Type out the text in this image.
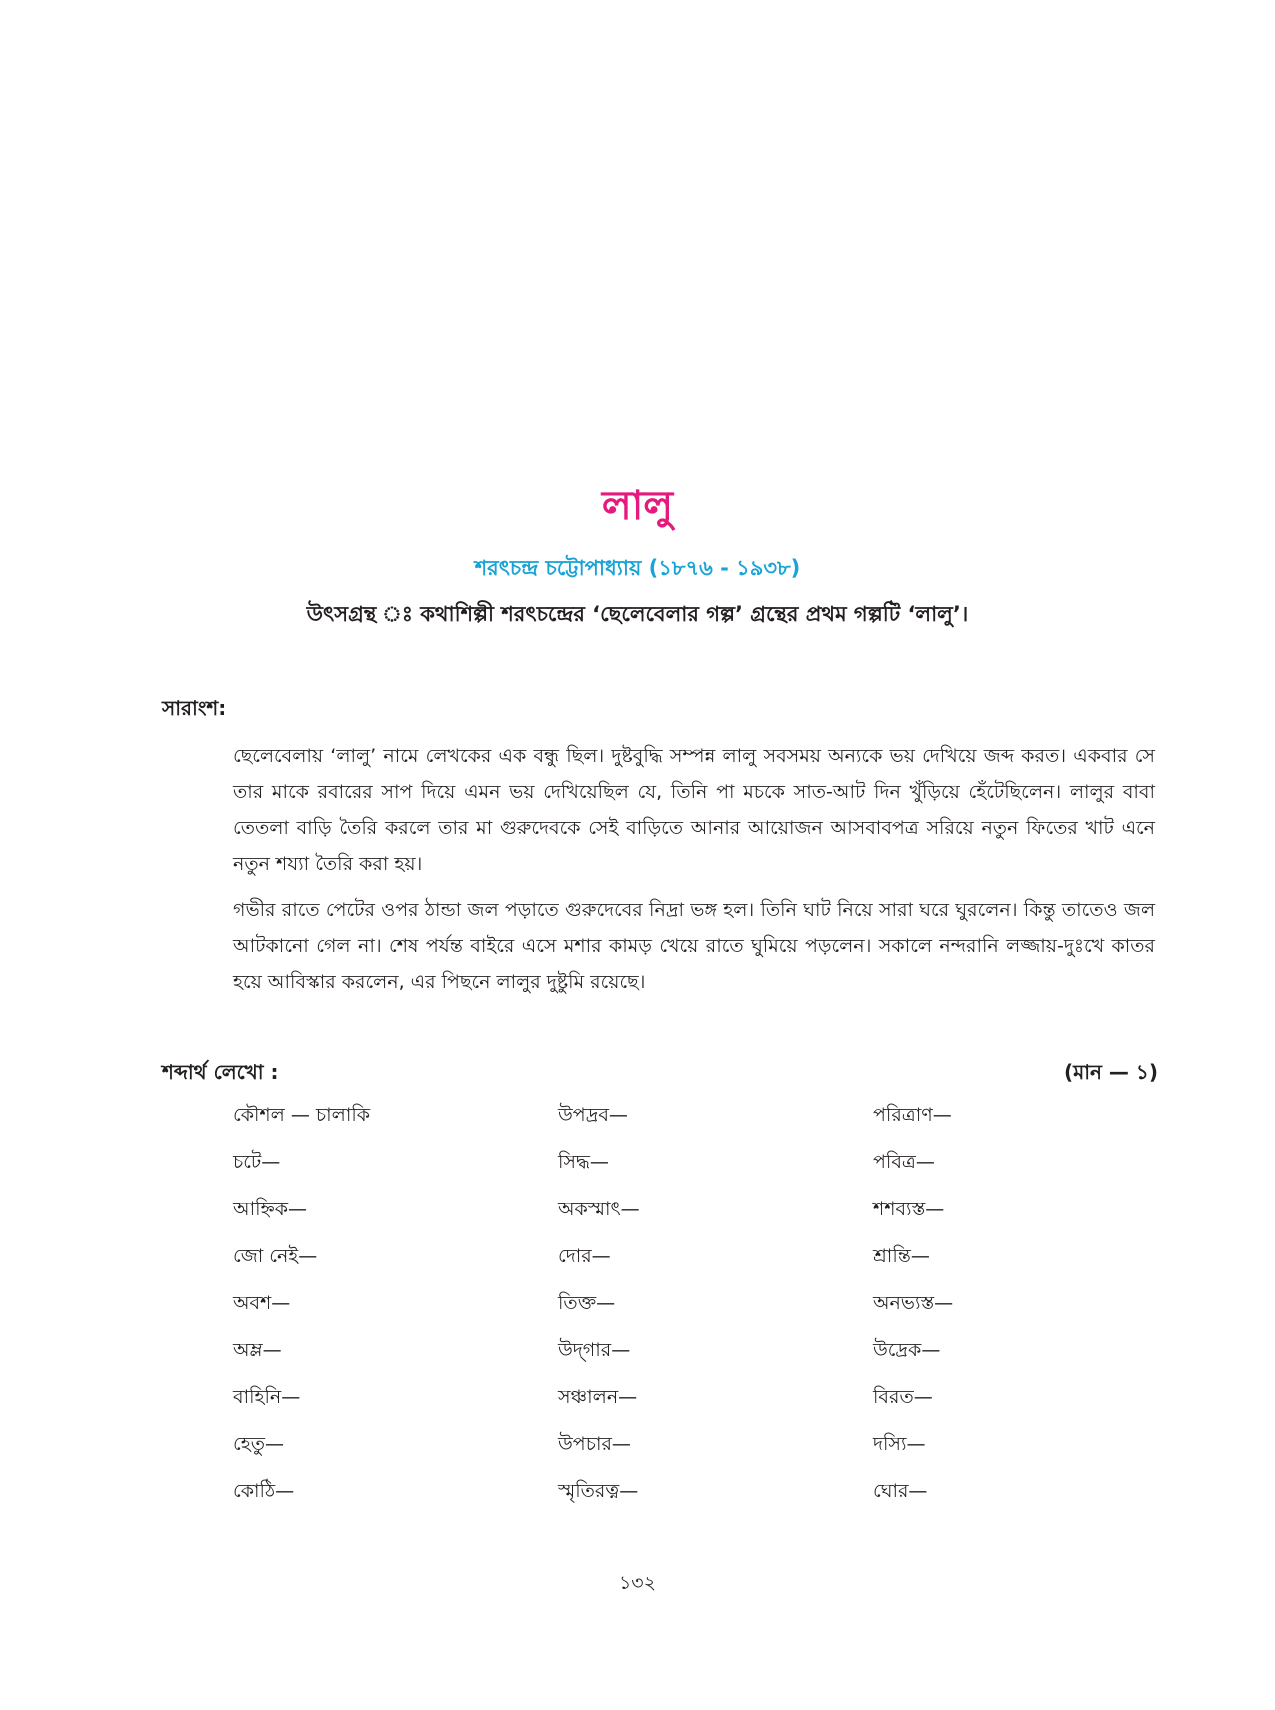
লালু
শরৎচন্দ্র চট্টোপাধ্যায় (১৮৭৬ - ১৯৩৮)
উৎসগ্রন্থ ঃ কথাশিল্পী শরৎচন্দ্রের ‘ছেলেবেলার গল্প’ গ্রন্থের প্রথম গল্পটি ‘লালু’।
সারাংশ:

ছেলেবেলায় ‘লালু’ নামে লেখকের এক বন্ধু ছিল। দুষ্টবুদ্ধি সম্পন্ন লালু সবসময় অন্যকে ভয় দেখিয়ে জব্দ করত। একবার সে তার মাকে রবারের সাপ দিয়ে এমন ভয় দেখিয়েছিল যে, তিনি পা মচকে সাত-আট দিন খুঁড়িয়ে হেঁটেছিলেন। লালুর বাবা তেতলা বাড়ি তৈরি করলে তার মা গুরুদেবকে সেই বাড়িতে আনার আয়োজন আসবাবপত্র সরিয়ে নতুন ফিতের খাট এনে নতুন শয্যা তৈরি করা হয়।

গভীর রাতে পেটের ওপর ঠান্ডা জল পড়াতে গুরুদেবের নিদ্রা ভঙ্গ হল। তিনি ঘাট নিয়ে সারা ঘরে ঘুরলেন। কিন্তু তাতেও জল আটকানো গেল না। শেষ পর্যন্ত বাইরে এসে মশার কামড় খেয়ে রাতে ঘুমিয়ে পড়লেন। সকালে নন্দরানি লজ্জায়-দুঃখে কাতর হয়ে আবিস্কার করলেন, এর পিছনে লালুর দুষ্টুমি রয়েছে।

শব্দার্থ লেখো :	(মান — ১)
কৌশল — চালাকি	উপদ্রব—	পরিত্রাণ—
চটে—	সিদ্ধ—	পবিত্র—
আহ্নিক—	অকস্মাৎ—	শশব্যস্ত—
জো নেই—	দোর—	শ্রান্তি—
অবশ—	তিক্ত—	অনভ্যস্ত—
অম্ল—	উদ্‌গার—	উদ্রেক—
বাহিনি—	সঞ্চালন—	বিরত—
হেতু—	উপচার—	দস্যি—
কোঠি—	স্মৃতিরত্ন—	ঘোর—
১৩২
